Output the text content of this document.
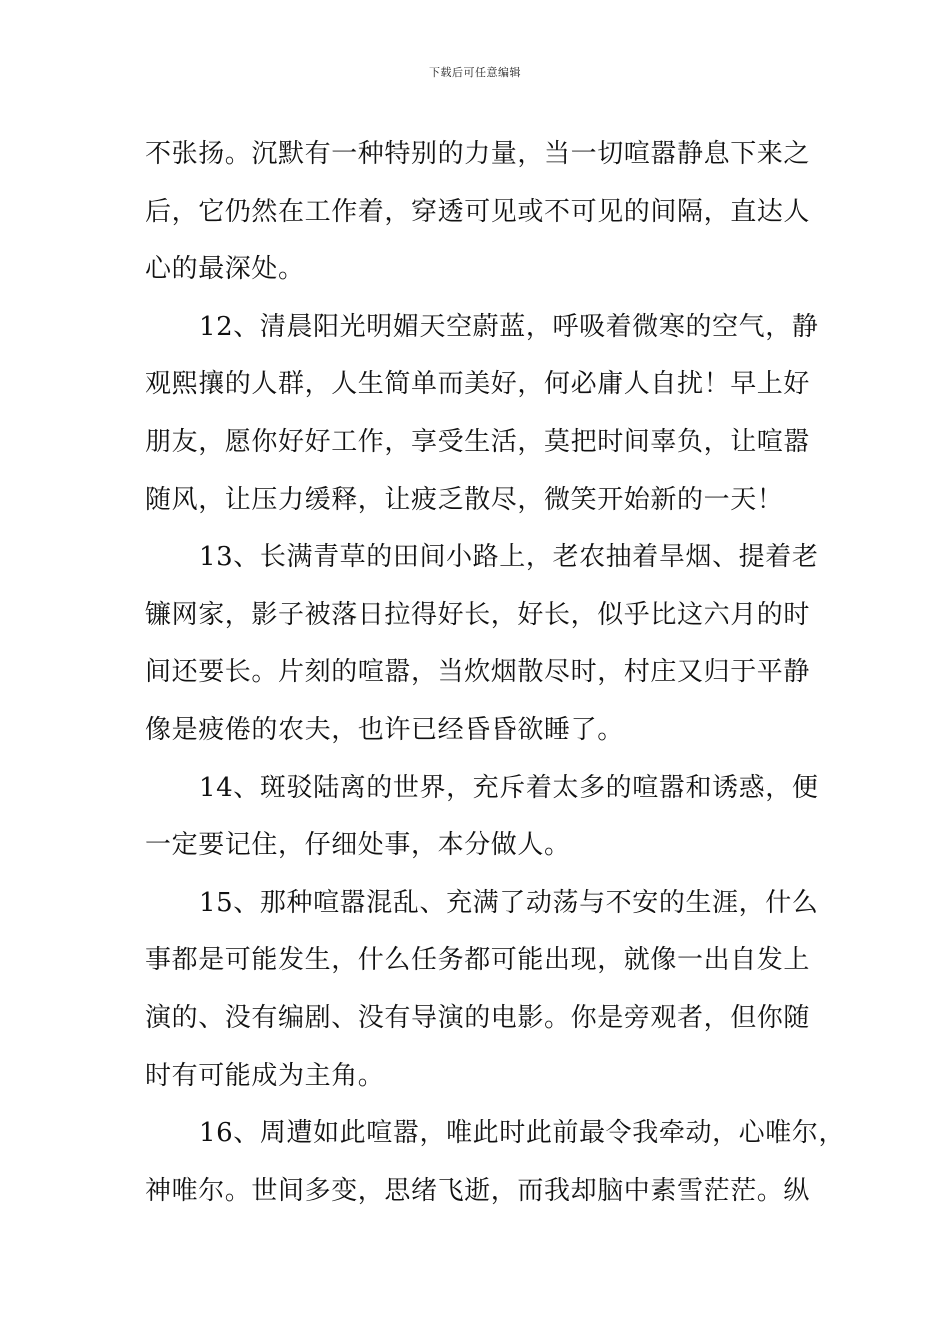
下载后可任意编辑

不张扬。沉默有一种特别的力量，当一切喧嚣静息下来之
后，它仍然在工作着，穿透可见或不可见的间隔，直达人
心的最深处。

12、清晨阳光明媚天空蔚蓝，呼吸着微寒的空气，静
观熙攘的人群，人生简单而美好，何必庸人自扰！早上好
朋友，愿你好好工作，享受生活，莫把时间辜负，让喧嚣
随风，让压力缓释，让疲乏散尽，微笑开始新的一天！

13、长满青草的田间小路上，老农抽着旱烟、提着老
镰网家，影子被落日拉得好长，好长，似乎比这六月的时
间还要长。片刻的喧嚣，当炊烟散尽时，村庄又归于平静
像是疲倦的农夫，也许已经昏昏欲睡了。

14、斑驳陆离的世界，充斥着太多的喧嚣和诱惑，便
一定要记住，仔细处事，本分做人。

15、那种喧嚣混乱、充满了动荡与不安的生涯，什么
事都是可能发生，什么任务都可能出现，就像一出自发上
演的、没有编剧、没有导演的电影。你是旁观者，但你随
时有可能成为主角。

16、周遭如此喧嚣，唯此时此前最令我牵动，心唯尔，
神唯尔。世间多变，思绪飞逝，而我却脑中素雪茫茫。纵
